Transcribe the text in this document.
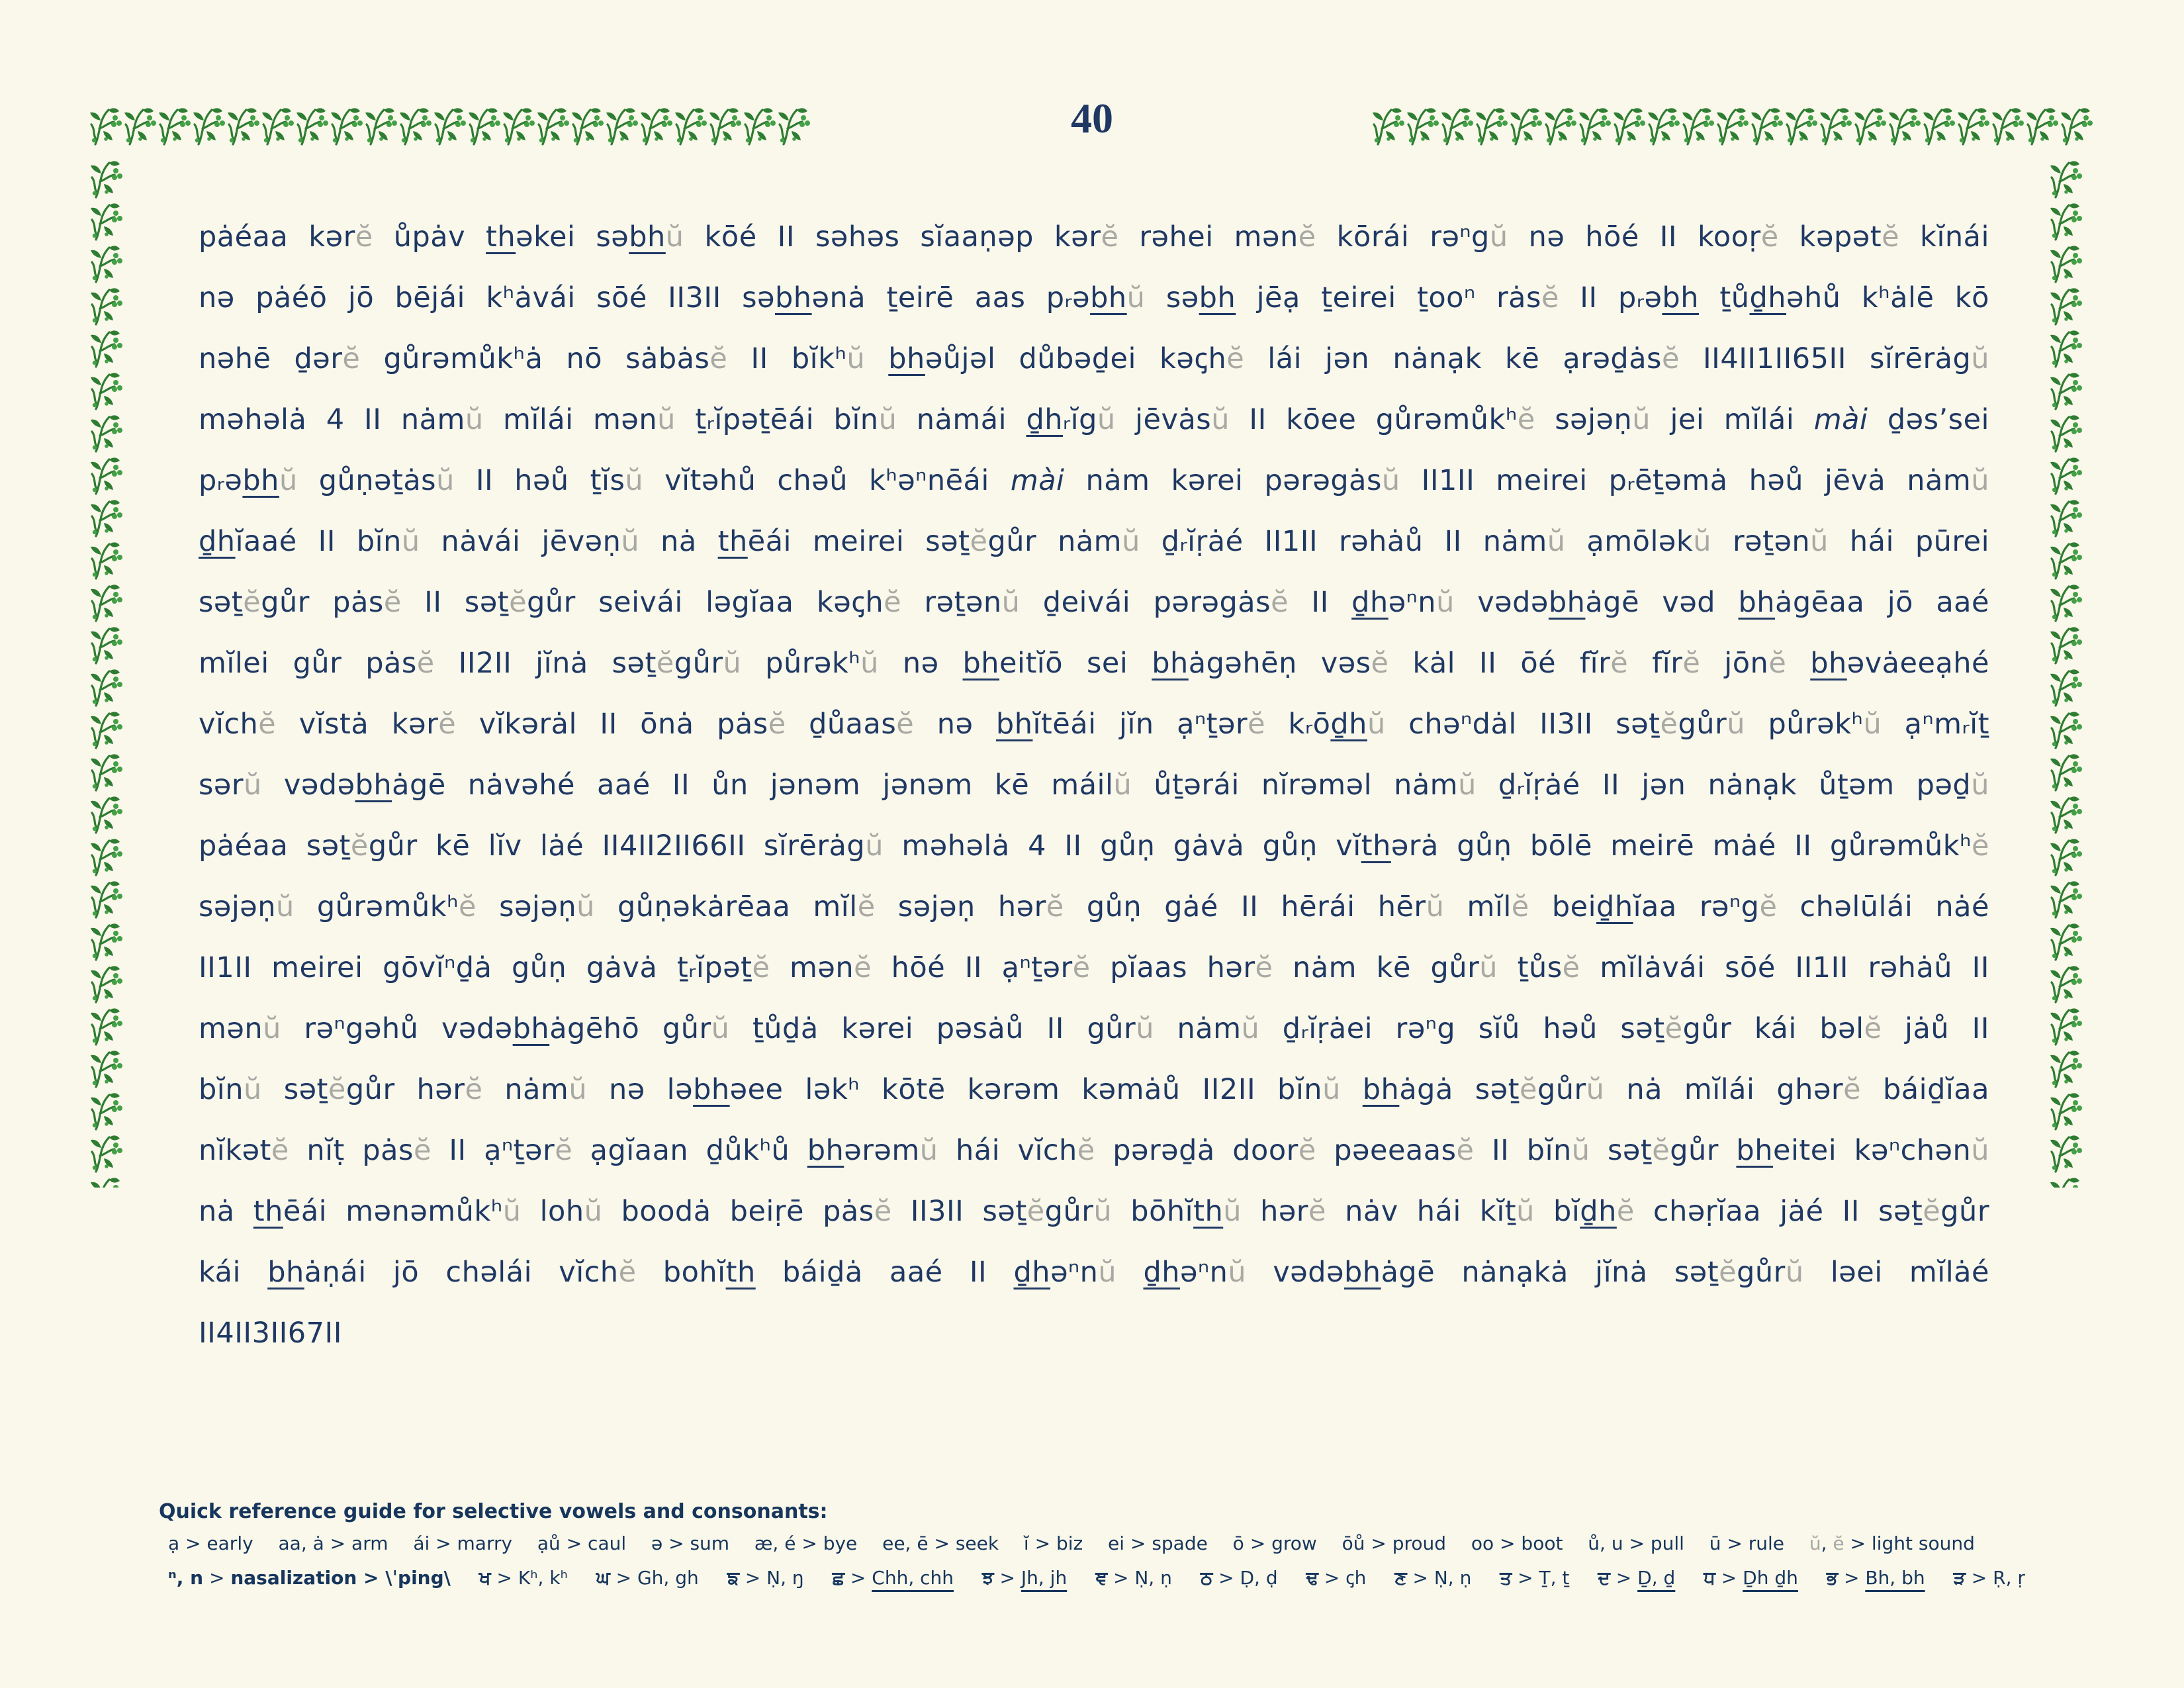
40
pȧéaa kərĕ ůpȧv thəkei səbhŭ kōé II səhəs sĭaaṇəp kərĕ rəhei mənĕ kōrái rəⁿgŭ nə hōé II kooṛĕ kəpətĕ kĭnái
nə pȧéō jō bējái kʰȧvái sōé II3II səbhənȧ ṯeirē aas pᵣəbhŭ səbh jēạ ṯeirei ṯooⁿ rȧsĕ II pᵣəbh ṯůḏhəhů kʰȧlē kō
nəhē ḏərĕ gůrəmůkʰȧ nō sȧbȧsĕ II bĭkʰŭ bhəůjəl důbəḏei kəꞔhĕ lái jən nȧnạk kē ạrəḏȧsĕ II4II1II65II sĭrērȧgŭ
məhəlȧ 4 II nȧmŭ mĭlái mənŭ ṯᵣĭpəṯēái bĭnŭ nȧmái ḏhᵣĭgŭ jēvȧsŭ II kōee gůrəmůkʰĕ səjəṇŭ jei mĭlái mài ḏəs’sei
pᵣəbhŭ gůṇəṯȧsŭ II həů ṯĭsŭ vĭtəhů chəů kʰəⁿnēái mài nȧm kərei pərəgȧsŭ II1II meirei pᵣēṯəmȧ həů jēvȧ nȧmŭ
ḏhĭaaé II bĭnŭ nȧvái jēvəṇŭ nȧ thēái meirei səṯĕgůr nȧmŭ ḏᵣĭṛȧé II1II rəhȧů II nȧmŭ ạmōləkŭ rəṯənŭ hái pūrei
səṯĕgůr pȧsĕ II səṯĕgůr seivái ləgĭaa kəꞔhĕ rəṯənŭ ḏeivái pərəgȧsĕ II ḏhəⁿnŭ vədəbhȧgē vəd bhȧgēaa jō aaé
mĭlei gůr pȧsĕ II2II jĭnȧ səṯĕgůrŭ půrəkʰŭ nə bheitĭō sei bhȧgəhēṇ vəsĕ kȧl II ōé fĭrĕ fĭrĕ jōnĕ bhəvȧeeạhé
vĭchĕ vĭstȧ kərĕ vĭkərȧl II ōnȧ pȧsĕ ḏůaasĕ nə bhĭtēái jĭn ạⁿṯərĕ kᵣōḏhŭ chəⁿdȧl II3II səṯĕgůrŭ půrəkʰŭ ạⁿmᵣĭṯ
sərŭ vədəbhȧgē nȧvəhé aaé II ůn jənəm jənəm kē máilŭ ůṯərái nĭrəməl nȧmŭ ḏᵣĭṛȧé II jən nȧnạk ůṯəm pəḏŭ
pȧéaa səṯĕgůr kē lĭv lȧé II4II2II66II sĭrērȧgŭ məhəlȧ 4 II gůṇ gȧvȧ gůṇ vĭthərȧ gůṇ bōlē meirē mȧé II gůrəmůkʰĕ
səjəṇŭ gůrəmůkʰĕ səjəṇŭ gůṇəkȧrēaa mĭlĕ səjəṇ hərĕ gůṇ gȧé II hērái hērŭ mĭlĕ beiḏhĭaa rəⁿgĕ chəlūlái nȧé
II1II meirei gōvĭⁿḏȧ gůṇ gȧvȧ ṯᵣĭpəṯĕ mənĕ hōé II ạⁿṯərĕ pĭaas hərĕ nȧm kē gůrŭ ṯůsĕ mĭlȧvái sōé II1II rəhȧů II
mənŭ rəⁿgəhů vədəbhȧgēhō gůrŭ ṯůḏȧ kərei pəsȧů II gůrŭ nȧmŭ ḏᵣĭṛȧei rəⁿg sĭů həů səṯĕgůr kái bəlĕ jȧů II
bĭnŭ səṯĕgůr hərĕ nȧmŭ nə ləbhəee ləkʰ kōtē kərəm kəmȧů II2II bĭnŭ bhȧgȧ səṯĕgůrŭ nȧ mĭlái ghərĕ báiḏĭaa
nĭkətĕ nĭṭ pȧsĕ II ạⁿṯərĕ ạgĭaan ḏůkʰů bhərəmŭ hái vĭchĕ pərəḏȧ doorĕ pəeeaasĕ II bĭnŭ səṯĕgůr bheitei kəⁿchənŭ
nȧ thēái mənəmůkʰŭ lohŭ boodȧ beiṛē pȧsĕ II3II səṯĕgůrŭ bōhĭthŭ hərĕ nȧv hái kĭṯŭ bĭḏhĕ chəṛĭaa jȧé II səṯĕgůr
kái bhȧṇái jō chəlái vĭchĕ bohĭth báiḏȧ aaé II ḏhəⁿnŭ ḏhəⁿnŭ vədəbhȧgē nȧnạkȧ jĭnȧ səṯĕgůrŭ ləei mĭlȧé
II4II3II67II
Quick reference guide for selective vowels and consonants:
ạ > early aa, ȧ > arm ái > marry ạů > caul ə > sum æ, é > bye ee, ē > seek ĭ > biz ei > spade ō > grow ōů > proud oo > boot ů, u > pull ū > rule ŭ, ĕ > light sound
ⁿ, n > nasalization > \ˈping\ ਖ > Kʰ, kʰ ਘ > Gh, gh ਙ > Ṇ, ŋ ਛ > Chh, chh ਝ > Jh, jh ਞ > Ṇ, ṇ ਠ > Ḍ, ḍ ਢ > ꞔh ਣ > Ṇ, ṇ ਤ > Ṯ, ṯ ਦ > Ḏ, ḏ ਧ > Ḏh ḏh ਭ > Bh, bh ੜ > Ṛ, ṛ
